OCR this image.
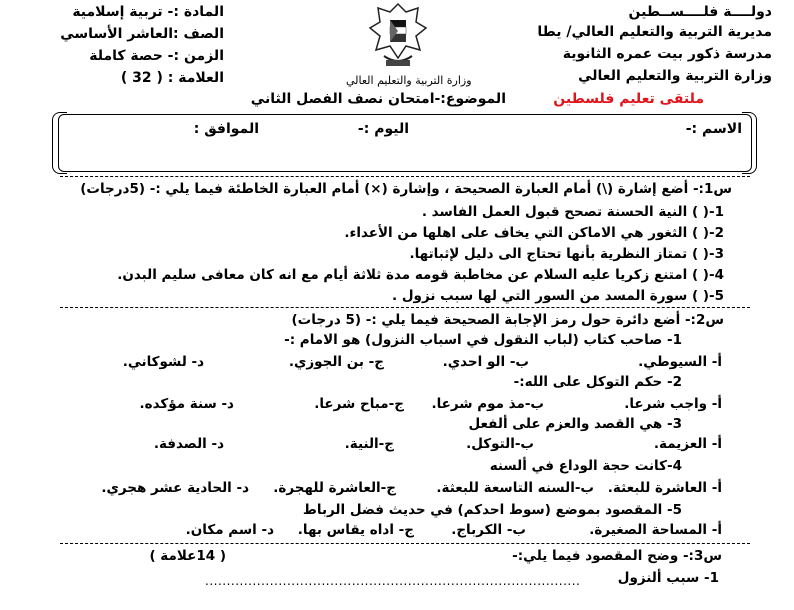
دولــــة فلــــســطين
مديرية التربية والتعليم العالي/ يطا
مدرسة ذكور بيت عمره الثانوية
وزارة التربية والتعليم العالي
ملتقى تعليم فلسطين
المادة :- تربية إسلامية
الصف :العاشر الأساسي
الزمن :- حصة كاملة
العلامة : ( 32 )	وزارة التربية والتعليم العالي
الموضوع:-امتحان نصف الفصل الثاني
الاسم :-
اليوم :-
الموافق :
س1:- أضع إشارة (\) أمام العبارة الصحيحة ، وإشارة (×) أمام العبارة الخاطئة فيما يلي :- (5درجات)
1-( ) النية الحسنة تصحح قبول العمل الفاسد .
2-( ) الثغور هي الاماكن التي يخاف على اهلها من الأعداء.
3-( ) تمتاز النظرية بأنها تحتاج الى دليل لإثباتها.
4-( ) امتنع زكريا عليه السلام عن مخاطبة قومه مدة ثلاثة أيام مع انه كان معافى سليم البدن.
5-( ) سورة المسد من السور التي لها سبب نزول .
س2:- أضع دائرة حول رمز الإجابة الصحيحة فيما يلي :- (5 درجات)
1- صاحب كتاب (لباب النقول في اسباب النزول) هو الامام :-
أ- السيوطي.
ب- الو احدي.
ج- بن الجوزي.
د- لشوكاني.
2- حكم التوكل على الله:-
أ- واجب شرعا.
ب-مذ موم شرعا.
ج-مباح شرعا.
د- سنة مؤكده.
3- هي القصد والعزم على ألفعل
أ- العزيمة.
ب-التوكل.
ج-النية.
د- الصدفة.
4-كانت حجة الوداع في ألسنه
أ- العاشرة للبعثة.
ب-السنه التاسعة للبعثة.
ج-العاشرة للهجرة.
د- الحادية عشر هجري.
5- المقصود بموضع (سوط احدكم) في حديث فضل الرباط
أ- المساحة الصغيرة.
ب- الكرباج.
ج- اداه يقاس بها.
د- اسم مكان.
س3:- وضح المقصود فيما يلي:-
( 14علامة )
1- سبب ألنزول
.......................................................................................
